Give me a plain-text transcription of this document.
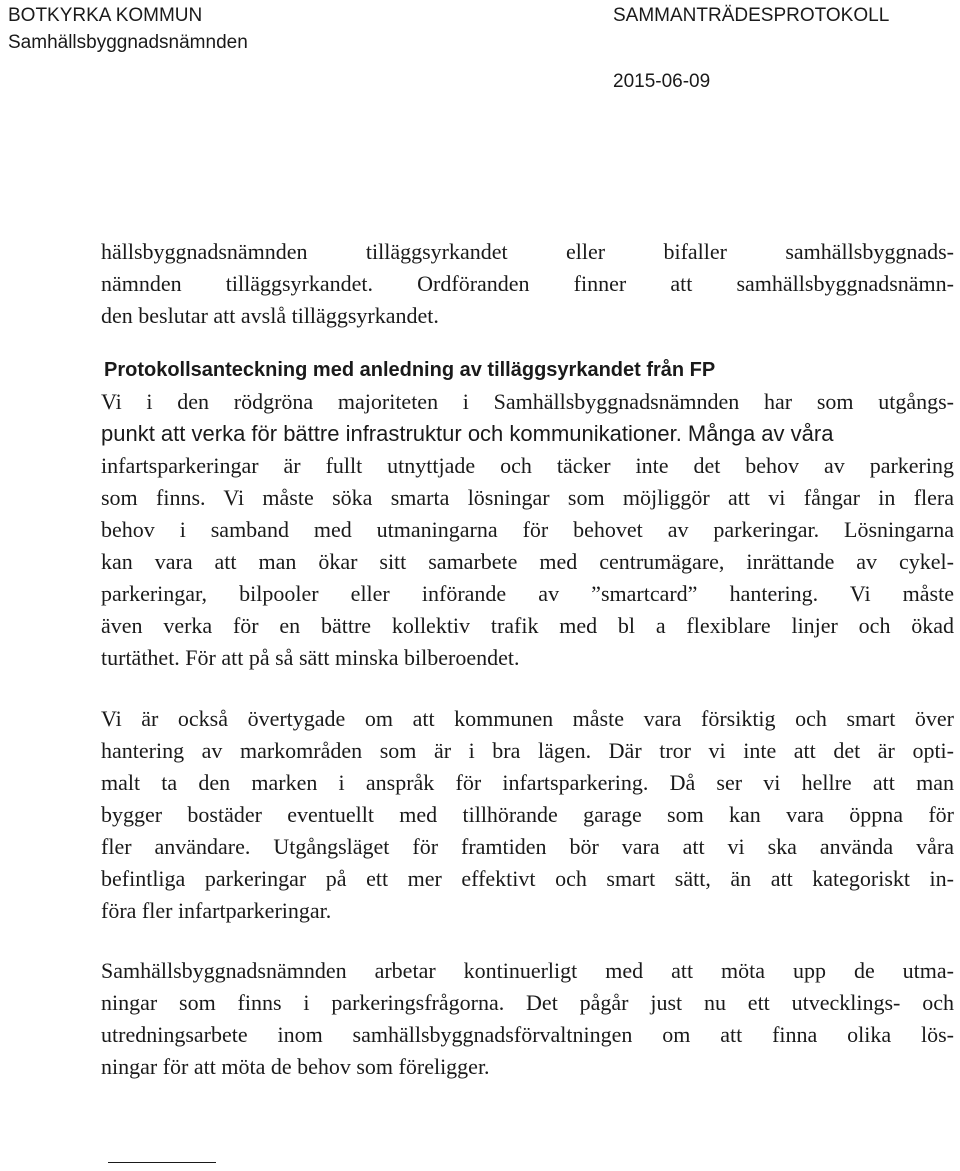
BOTKYRKA KOMMUN
Samhällsbyggnadsnämnden
SAMMANTRÄDESPROTOKOLL
2015-06-09
hällsbyggnadsnämnden tilläggsyrkandet eller bifaller samhällsbyggnads-
nämnden tilläggsyrkandet. Ordföranden finner att samhällsbyggnadsnämn-
den beslutar att avslå tilläggsyrkandet.
Protokollsanteckning med anledning av tilläggsyrkandet från FP
Vi i den rödgröna majoriteten i Samhällsbyggnadsnämnden har som utgångs-
punkt att verka för bättre infrastruktur och kommunikationer. Många av våra
infartsparkeringar är fullt utnyttjade och täcker inte det behov av parkering
som finns. Vi måste söka smarta lösningar som möjliggör att vi fångar in flera
behov i samband med utmaningarna för behovet av parkeringar. Lösningarna
kan vara att man ökar sitt samarbete med centrumägare, inrättande av cykel-
parkeringar, bilpooler eller införande av ”smartcard” hantering. Vi måste
även verka för en bättre kollektiv trafik med bl a flexiblare linjer och ökad
turtäthet. För att på så sätt minska bilberoendet.
Vi är också övertygade om att kommunen måste vara försiktig och smart över
hantering av markområden som är i bra lägen. Där tror vi inte att det är opti-
malt ta den marken i anspråk för infartsparkering. Då ser vi hellre att man
bygger bostäder eventuellt med tillhörande garage som kan vara öppna för
fler användare. Utgångsläget för framtiden bör vara att vi ska använda våra
befintliga parkeringar på ett mer effektivt och smart sätt, än att kategoriskt in-
föra fler infartparkeringar.
Samhällsbyggnadsnämnden arbetar kontinuerligt med att möta upp de utma-
ningar som finns i parkeringsfrågorna. Det pågår just nu ett utvecklings- och
utredningsarbete inom samhällsbyggnadsförvaltningen om att finna olika lös-
ningar för att möta de behov som föreligger.
